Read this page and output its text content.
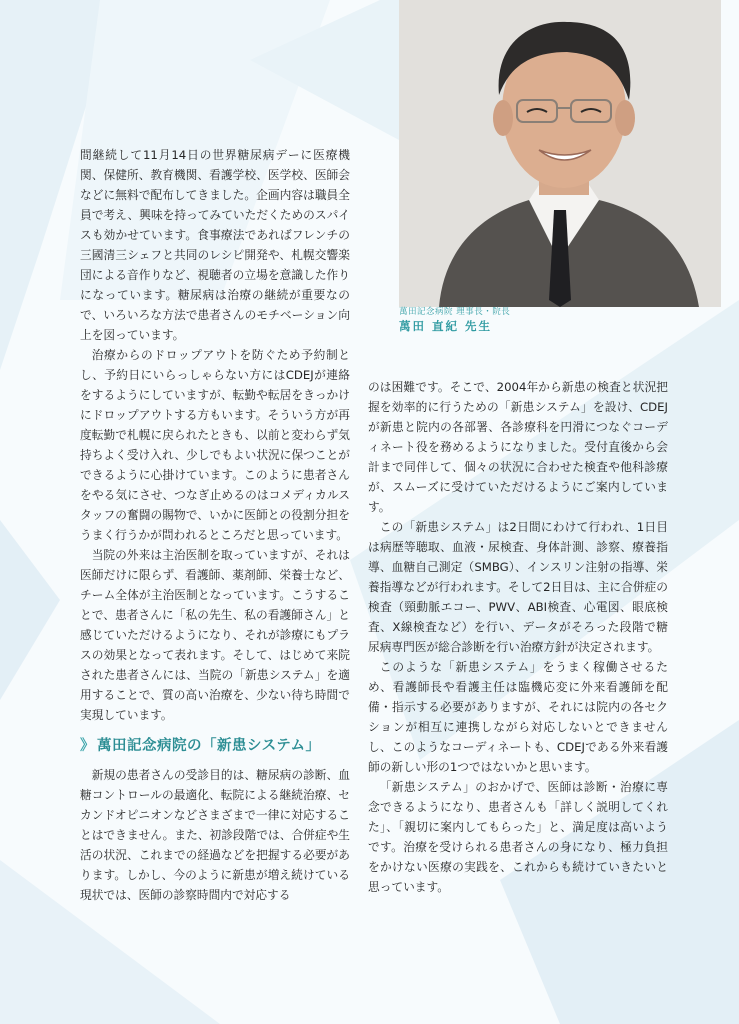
萬田記念病院 理事長・院長
萬田 直紀 先生

間継続して11月14日の世界糖尿病デーに医療機関、保健所、教育機関、看護学校、医学校、医師会などに無料で配布してきました。企画内容は職員全員で考え、興味を持ってみていただくためのスパイスも効かせています。食事療法であればフレンチの三國清三シェフと共同のレシピ開発や、札幌交響楽団による音作りなど、視聴者の立場を意識した作りになっています。糖尿病は治療の継続が重要なので、いろいろな方法で患者さんのモチベーション向上を図っています。

治療からのドロップアウトを防ぐため予約制とし、予約日にいらっしゃらない方にはCDEJが連絡をするようにしていますが、転勤や転居をきっかけにドロップアウトする方もいます。そういう方が再度転勤で札幌に戻られたときも、以前と変わらず気持ちよく受け入れ、少しでもよい状況に保つことができるように心掛けています。このように患者さんをやる気にさせ、つなぎ止めるのはコメディカルスタッフの奮闘の賜物で、いかに医師との役割分担をうまく行うかが問われるところだと思っています。

当院の外来は主治医制を取っていますが、それは医師だけに限らず、看護師、薬剤師、栄養士など、チーム全体が主治医制となっています。こうすることで、患者さんに「私の先生、私の看護師さん」と感じていただけるようになり、それが診療にもプラスの効果となって表れます。そして、はじめて来院された患者さんには、当院の「新患システム」を適用することで、質の高い治療を、少ない待ち時間で実現しています。

》 萬田記念病院の「新患システム」

新規の患者さんの受診目的は、糖尿病の診断、血糖コントロールの最適化、転院による継続治療、セカンドオピニオンなどさまざまで一律に対応することはできません。また、初診段階では、合併症や生活の状況、これまでの経過などを把握する必要があります。しかし、今のように新患が増え続けている現状では、医師の診察時間内で対応する

のは困難です。そこで、2004年から新患の検査と状況把握を効率的に行うための「新患システム」を設け、CDEJが新患と院内の各部署、各診療科を円滑につなぐコーディネート役を務めるようになりました。受付直後から会計まで同伴して、個々の状況に合わせた検査や他科診療が、スムーズに受けていただけるようにご案内しています。

この「新患システム」は2日間にわけて行われ、1日目は病歴等聴取、血液・尿検査、身体計測、診察、療養指導、血糖自己測定（SMBG）、インスリン注射の指導、栄養指導などが行われます。そして2日目は、主に合併症の検査（頸動脈エコー、PWV、ABI検査、心電図、眼底検査、X線検査など）を行い、データがそろった段階で糖尿病専門医が総合診断を行い治療方針が決定されます。

このような「新患システム」をうまく稼働させるため、看護師長や看護主任は臨機応変に外来看護師を配備・指示する必要がありますが、それには院内の各セクションが相互に連携しながら対応しないとできませんし、このようなコーディネートも、CDEJである外来看護師の新しい形の1つではないかと思います。

「新患システム」のおかげで、医師は診断・治療に専念できるようになり、患者さんも「詳しく説明してくれた」、「親切に案内してもらった」と、満足度は高いようです。治療を受けられる患者さんの身になり、極力負担をかけない医療の実践を、これからも続けていきたいと思っています。
